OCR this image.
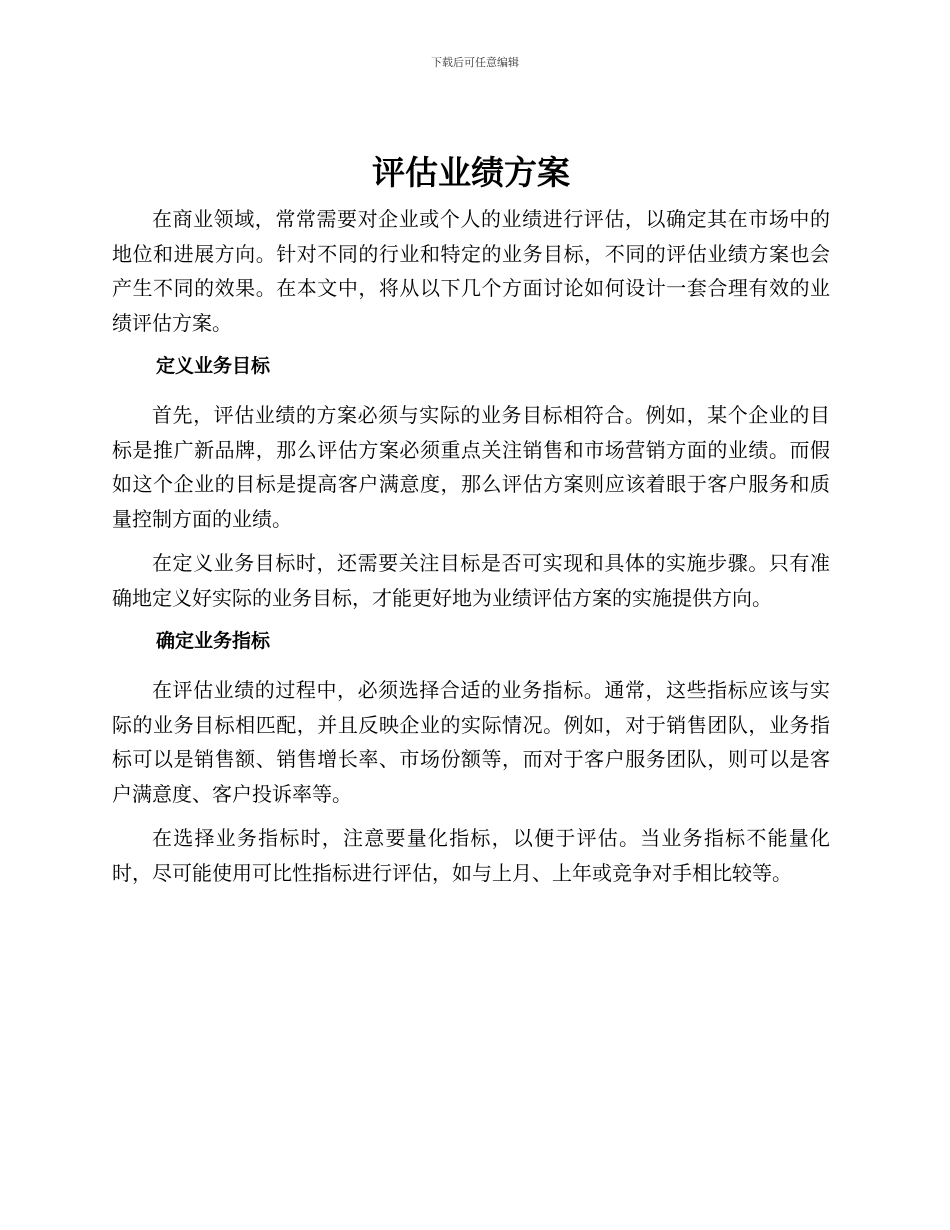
下载后可任意编辑
评估业绩方案

在商业领域，常常需要对企业或个人的业绩进行评估，以确定其在市场中的地位和进展方向。针对不同的行业和特定的业务目标，不同的评估业绩方案也会产生不同的效果。在本文中，将从以下几个方面讨论如何设计一套合理有效的业绩评估方案。

定义业务目标

首先，评估业绩的方案必须与实际的业务目标相符合。例如，某个企业的目标是推广新品牌，那么评估方案必须重点关注销售和市场营销方面的业绩。而假如这个企业的目标是提高客户满意度，那么评估方案则应该着眼于客户服务和质量控制方面的业绩。

在定义业务目标时，还需要关注目标是否可实现和具体的实施步骤。只有准确地定义好实际的业务目标，才能更好地为业绩评估方案的实施提供方向。

确定业务指标

在评估业绩的过程中，必须选择合适的业务指标。通常，这些指标应该与实际的业务目标相匹配，并且反映企业的实际情况。例如，对于销售团队，业务指标可以是销售额、销售增长率、市场份额等，而对于客户服务团队，则可以是客户满意度、客户投诉率等。

在选择业务指标时，注意要量化指标，以便于评估。当业务指标不能量化时，尽可能使用可比性指标进行评估，如与上月、上年或竞争对手相比较等。
